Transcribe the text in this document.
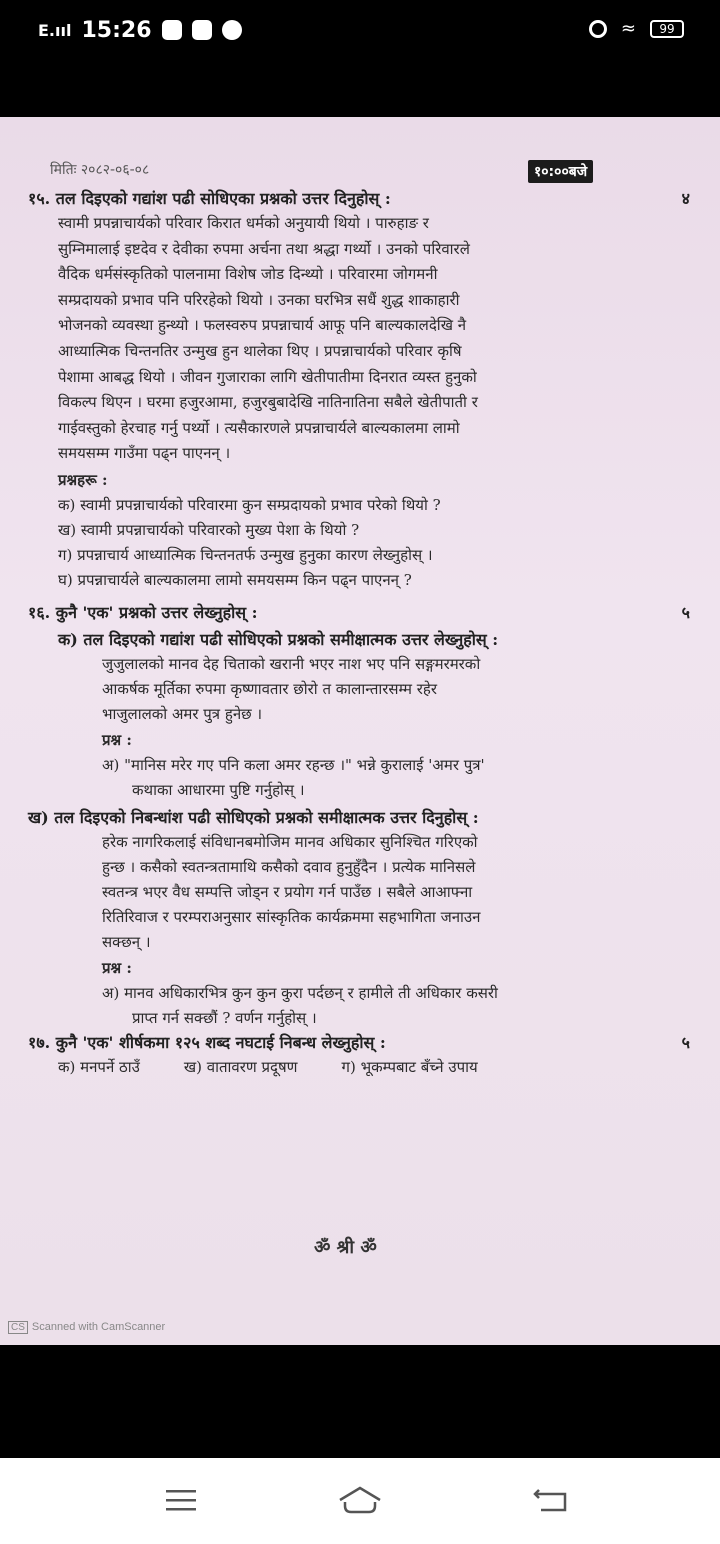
E.ııl 15:26	≈ 99
मितिः २०८२-०६-०८	१०:००बजे

१५. तल दिइएको गद्यांश पढी सोधिएका प्रश्नको उत्तर दिनुहोस् :	४

स्वामी प्रपन्नाचार्यको परिवार किरात धर्मको अनुयायी थियो । पारुहाङ र

सुम्निमालाई इष्टदेव र देवीका रुपमा अर्चना तथा श्रद्धा गर्थ्यो । उनको परिवारले

वैदिक धर्मसंस्कृतिको पालनामा विशेष जोड दिन्थ्यो । परिवारमा जोगमनी

सम्प्रदायको प्रभाव पनि परिरहेको थियो । उनका घरभित्र सधैं शुद्ध शाकाहारी

भोजनको व्यवस्था हुन्थ्यो । फलस्वरुप प्रपन्नाचार्य आफू पनि बाल्यकालदेखि नै

आध्यात्मिक चिन्तनतिर उन्मुख हुन थालेका थिए । प्रपन्नाचार्यको परिवार कृषि

पेशामा आबद्ध थियो । जीवन गुजाराका लागि खेतीपातीमा दिनरात व्यस्त हुनुको

विकल्प थिएन । घरमा हजुरआमा, हजुरबुबादेखि नातिनातिना सबैले खेतीपाती र

गाईवस्तुको हेरचाह गर्नु पर्थ्यो । त्यसैकारणले प्रपन्नाचार्यले बाल्यकालमा लामो

समयसम्म गाउँमा पढ्न पाएनन् ।

प्रश्नहरू :

क) स्वामी प्रपन्नाचार्यको परिवारमा कुन सम्प्रदायको प्रभाव परेको थियो ?

ख) स्वामी प्रपन्नाचार्यको परिवारको मुख्य पेशा के थियो ?

ग) प्रपन्नाचार्य आध्यात्मिक चिन्तनतर्फ उन्मुख हुनुका कारण लेख्नुहोस् ।

घ) प्रपन्नाचार्यले बाल्यकालमा लामो समयसम्म किन पढ्न पाएनन् ?

१६. कुनै 'एक' प्रश्नको उत्तर लेख्नुहोस् :	५

क) तल दिइएको गद्यांश पढी सोधिएको प्रश्नको समीक्षात्मक उत्तर लेख्नुहोस् :

जुजुलालको मानव देह चिताको खरानी भएर नाश भए पनि सङ्गमरमरको

आकर्षक मूर्तिका रुपमा कृष्णावतार छोरो त कालान्तारसम्म रहेर

भाजुलालको अमर पुत्र हुनेछ ।

प्रश्न :

अ) "मानिस मरेर गए पनि कला अमर रहन्छ ।" भन्ने कुरालाई 'अमर पुत्र'

कथाका आधारमा पुष्टि गर्नुहोस् ।

ख) तल दिइएको निबन्धांश पढी सोधिएको प्रश्नको समीक्षात्मक उत्तर दिनुहोस् :

हरेक नागरिकलाई संविधानबमोजिम मानव अधिकार सुनिश्चित गरिएको

हुन्छ । कसैको स्वतन्त्रतामाथि कसैको दवाव हुनुहुँदैन । प्रत्येक मानिसले

स्वतन्त्र भएर वैध सम्पत्ति जोड्न र प्रयोग गर्न पाउँछ । सबैले आआफ्ना

रितिरिवाज र परम्पराअनुसार सांस्कृतिक कार्यक्रममा सहभागिता जनाउन

सक्छन् ।

प्रश्न :

अ) मानव अधिकारभित्र कुन कुन कुरा पर्दछन् र हामीले ती अधिकार कसरी

प्राप्त गर्न सक्छौं ? वर्णन गर्नुहोस् ।

१७. कुनै 'एक' शीर्षकमा १२५ शब्द नघटाई निबन्ध लेख्नुहोस् :	५

क) मनपर्ने ठाउँ	ख) वातावरण प्रदूषण	ग) भूकम्पबाट बँच्ने उपाय
ॐ श्री ॐ
CS Scanned with CamScanner
